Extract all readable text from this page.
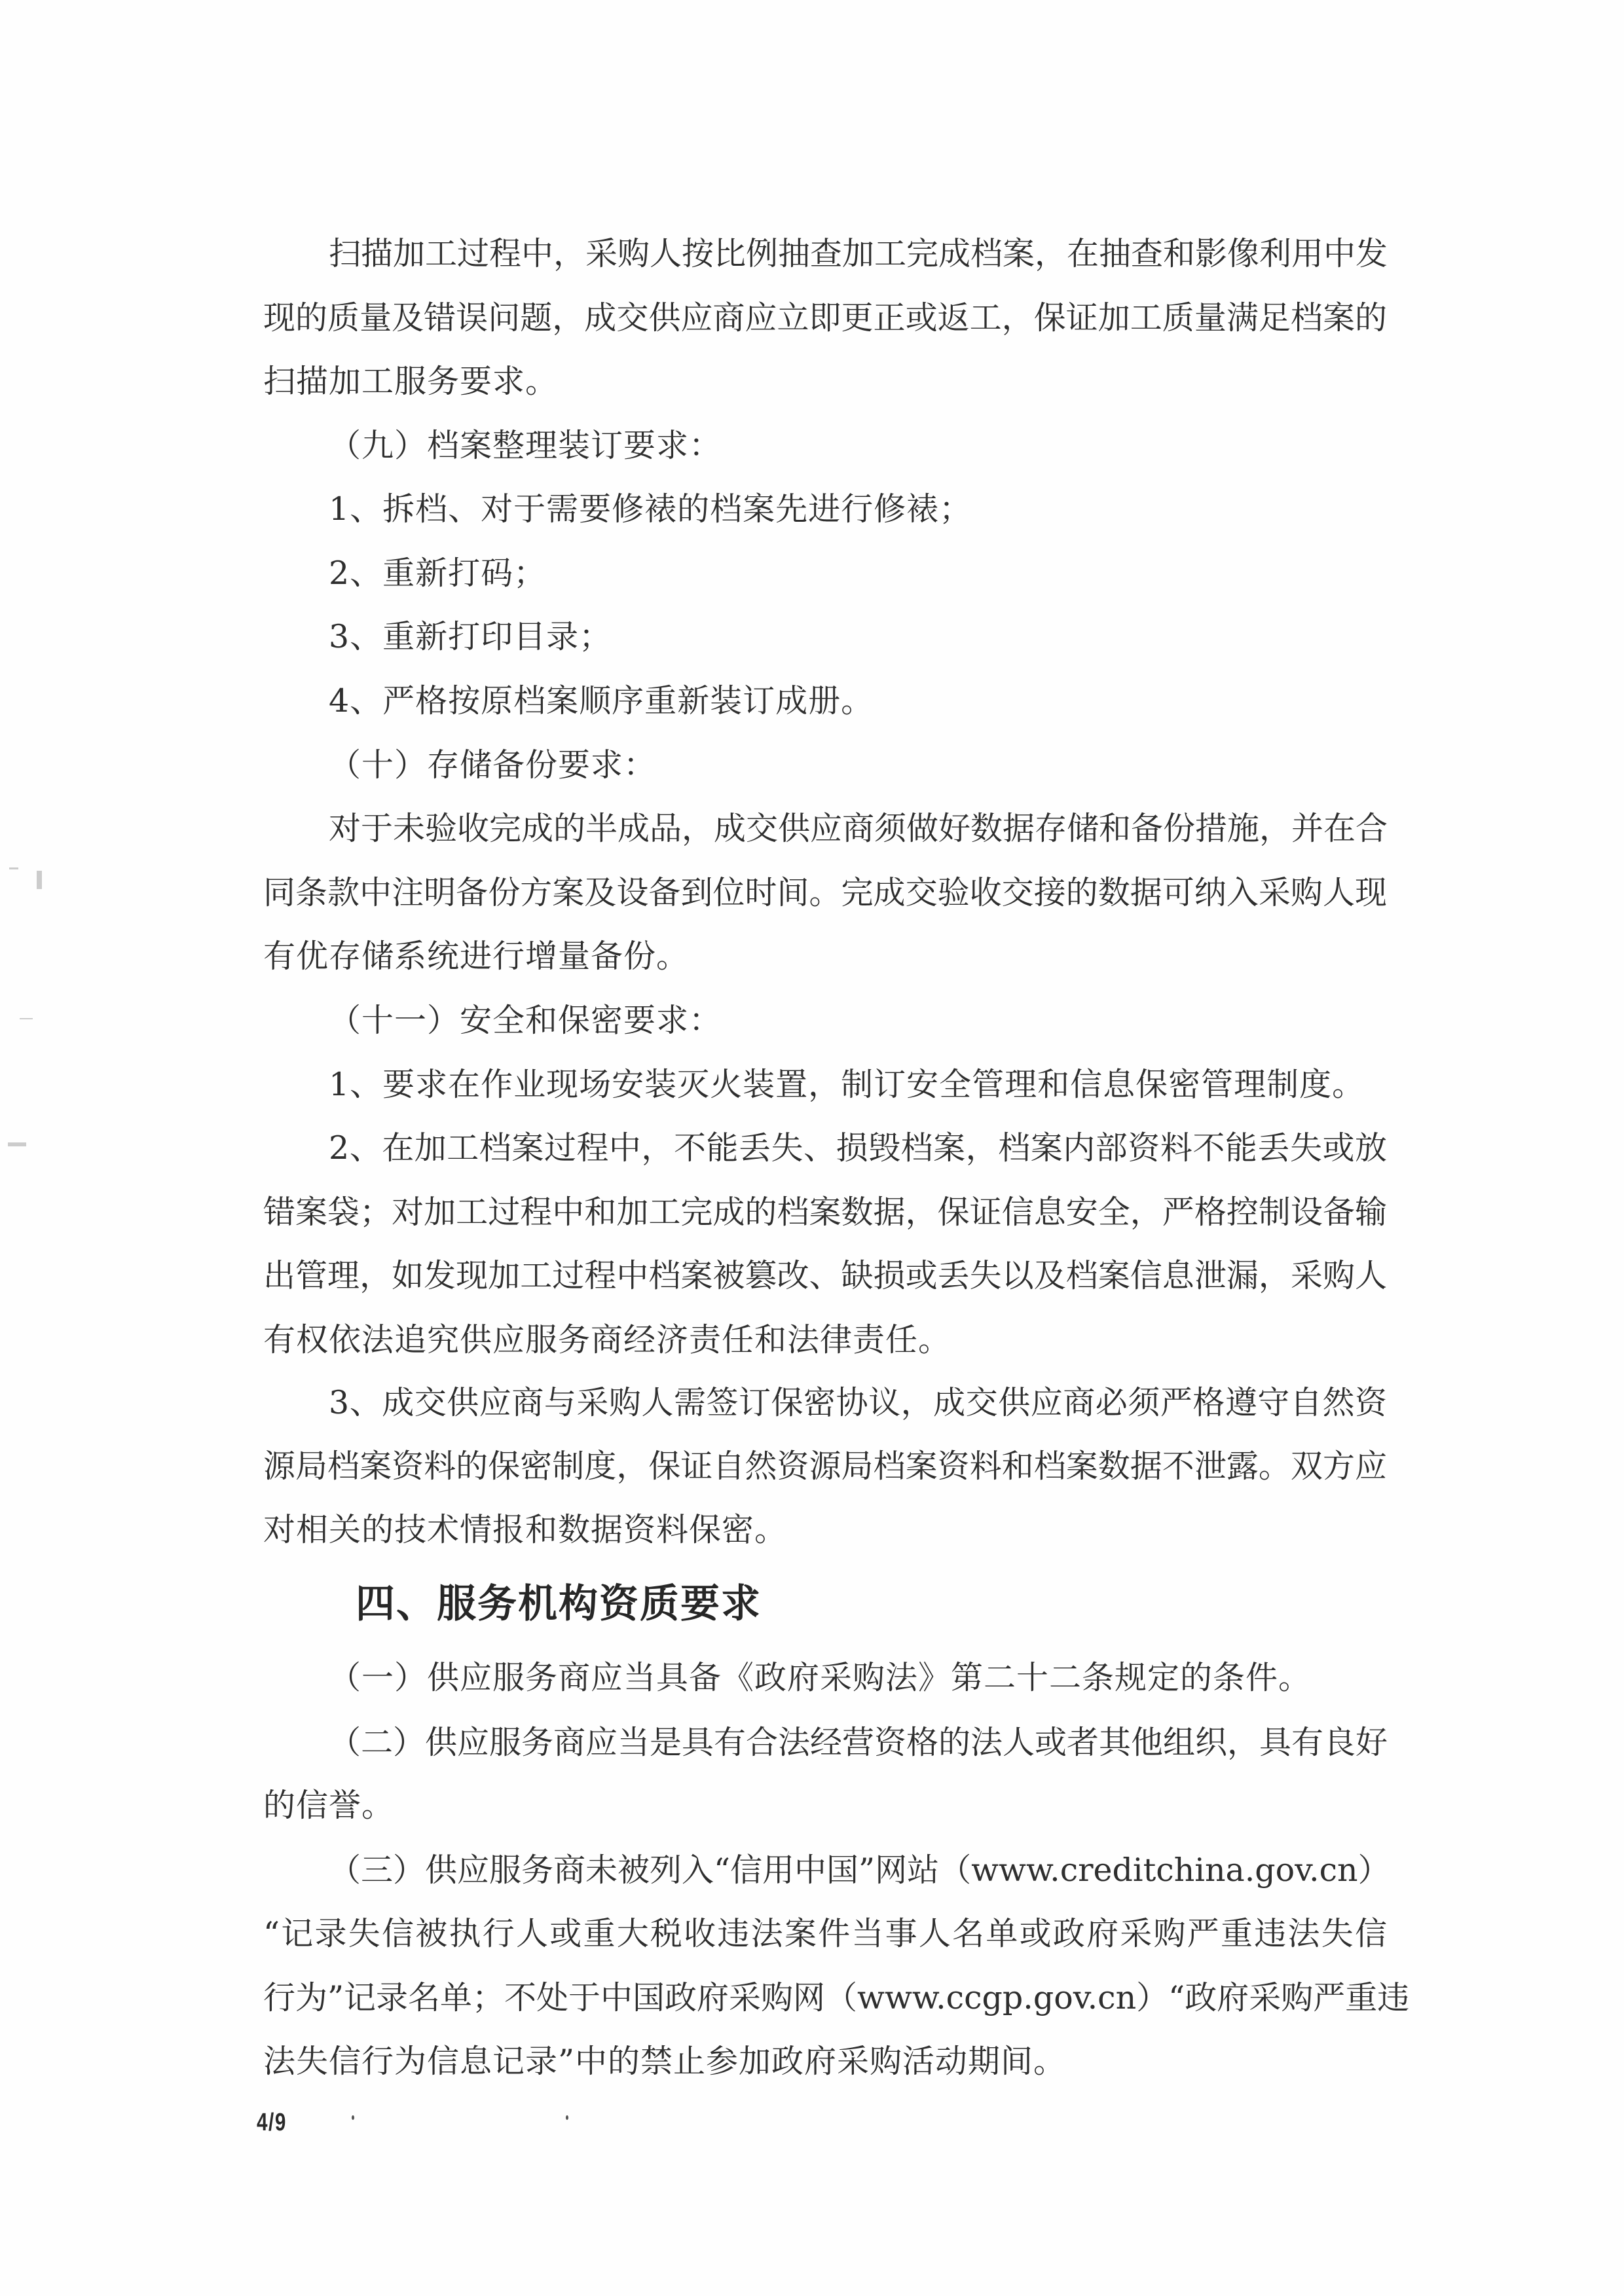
扫描加工过程中，采购人按比例抽查加工完成档案，在抽查和影像利用中发
现的质量及错误问题，成交供应商应立即更正或返工，保证加工质量满足档案的
扫描加工服务要求。
（九）档案整理装订要求：
1、拆档、对于需要修裱的档案先进行修裱；
2、重新打码；
3、重新打印目录；
4、严格按原档案顺序重新装订成册。
（十）存储备份要求：
对于未验收完成的半成品，成交供应商须做好数据存储和备份措施，并在合
同条款中注明备份方案及设备到位时间。完成交验收交接的数据可纳入采购人现
有优存储系统进行增量备份。
（十一）安全和保密要求：
1、要求在作业现场安装灭火装置，制订安全管理和信息保密管理制度。
2、在加工档案过程中，不能丢失、损毁档案，档案内部资料不能丢失或放
错案袋；对加工过程中和加工完成的档案数据，保证信息安全，严格控制设备输
出管理，如发现加工过程中档案被篡改、缺损或丢失以及档案信息泄漏，采购人
有权依法追究供应服务商经济责任和法律责任。
3、成交供应商与采购人需签订保密协议，成交供应商必须严格遵守自然资
源局档案资料的保密制度，保证自然资源局档案资料和档案数据不泄露。双方应
对相关的技术情报和数据资料保密。
四、服务机构资质要求
（一）供应服务商应当具备《政府采购法》第二十二条规定的条件。
（二）供应服务商应当是具有合法经营资格的法人或者其他组织，具有良好
的信誉。
（三）供应服务商未被列入“信用中国”网站（www.creditchina.gov.cn）
“记录失信被执行人或重大税收违法案件当事人名单或政府采购严重违法失信
行为”记录名单；不处于中国政府采购网（www.ccgp.gov.cn）“政府采购严重违
法失信行为信息记录”中的禁止参加政府采购活动期间。
4/9
